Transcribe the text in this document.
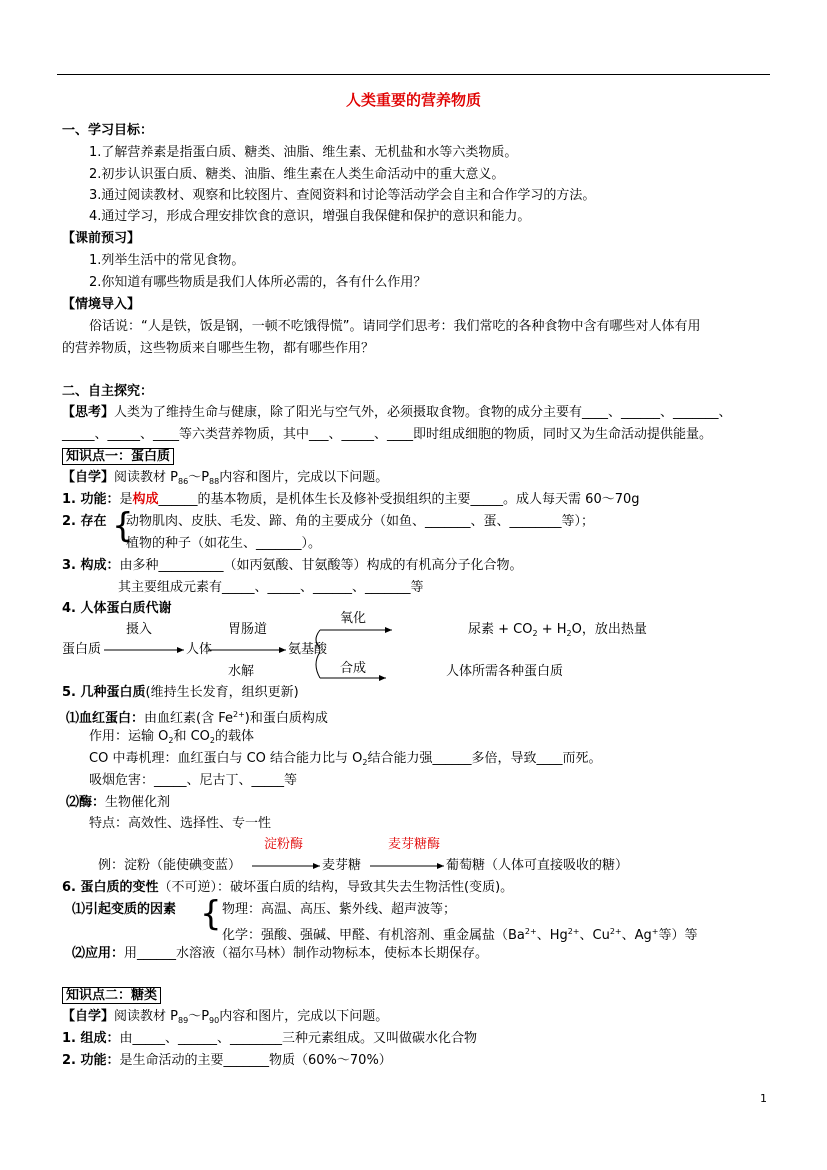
人类重要的营养物质
一、学习目标：
1.了解营养素是指蛋白质、糖类、油脂、维生素、无机盐和水等六类物质。
2.初步认识蛋白质、糖类、油脂、维生素在人类生命活动中的重大意义。
3.通过阅读教材、观察和比较图片、查阅资料和讨论等活动学会自主和合作学习的方法。
4.通过学习，形成合理安排饮食的意识，增强自我保健和保护的意识和能力。
【课前预习】
1.列举生活中的常见食物。
2.你知道有哪些物质是我们人体所必需的，各有什么作用？
【情境导入】
俗话说：“人是铁，饭是钢，一顿不吃饿得慌”。请同学们思考：我们常吃的各种食物中含有哪些对人体有用
的营养物质，这些物质来自哪些生物，都有哪些作用？
二、自主探究：
【思考】人类为了维持生命与健康，除了阳光与空气外，必须摄取食物。食物的成分主要有____、______、_______、
_____、_____、____等六类营养物质，其中___、_____、____即时组成细胞的物质，同时又为生命活动提供能量。
知识点一：蛋白质
【自学】阅读教材 $P_{86}\sim P_{88}$内容和图片，完成以下问题。
1. 功能：是构成______的基本物质，是机体生长及修补受损组织的主要_____。成人每天需 60～70g
2. 存在 {
动物肌肉、皮肤、毛发、蹄、角的主要成分（如鱼、_______、蛋、________等）；
植物的种子（如花生、_______）。
3. 构成：由多种__________（如丙氨酸、甘氨酸等）构成的有机高分子化合物。
其主要组成元素有_____、_____、______、_______等
4. 人体蛋白质代谢
摄入	胃肠道
氧化
尿素 + $CO_2 + H_2O$，放出热量
蛋白质	人体	氨基酸
水解	合成	人体所需各种蛋白质
5. 几种蛋白质(维持生长发育，组织更新)
⑴血红蛋白：由血红素(含 $Fe^{2+}$)和蛋白质构成
作用：运输 $O_2$和 $CO_2$的载体
CO 中毒机理：血红蛋白与 CO 结合能力比与 $O_2$结合能力强______多倍，导致____而死。
吸烟危害：_____、尼古丁、_____等
⑵酶：生物催化剂
特点：高效性、选择性、专一性
淀粉酶	麦芽糖酶
例：淀粉（能使碘变蓝）	麦芽糖	葡萄糖（人体可直接吸收的糖）
6. 蛋白质的变性（不可逆）：破坏蛋白质的结构，导致其失去生物活性(变质)。
⑴引起变质的因素 { 物理：高温、高压、紫外线、超声波等；
化学：强酸、强碱、甲醛、有机溶剂、重金属盐（$Ba^{2+}$、$Hg^{2+}$、$Cu^{2+}$、Ag+等）等
⑵应用：用______水溶液（福尔马林）制作动物标本，使标本长期保存。
知识点二：糖类
【自学】阅读教材 $P_{89}\sim P_{90}$内容和图片，完成以下问题。
1. 组成：由_____、______、________三种元素组成。又叫做碳水化合物
2. 功能：是生命活动的主要_______物质（60%～70%）
1
